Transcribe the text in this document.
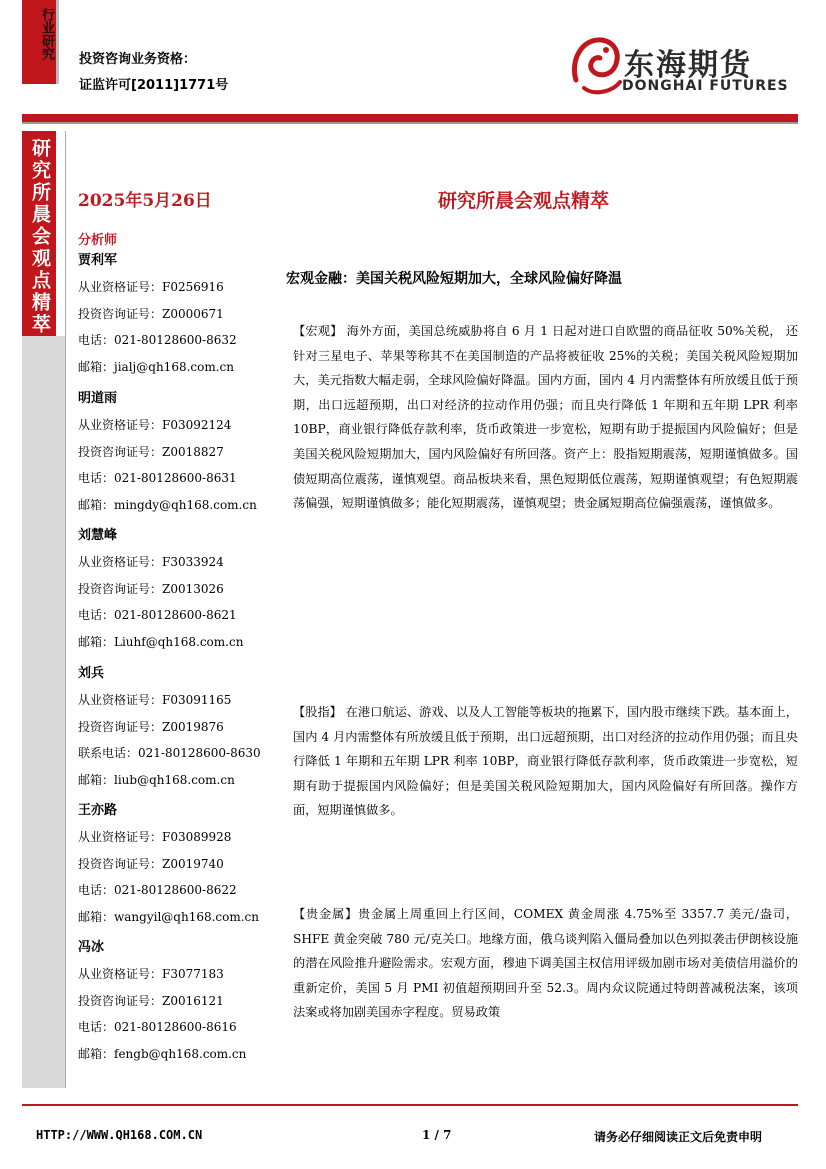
行业研究 投资咨询业务资格：
证监许可[2011]1771号
东海期货
DONGHAI FUTURES
研究所晨会观点精萃 2025年5月26日
分析师
贾利军
从业资格证号：F0256916
投资咨询证号：Z0000671
电话：021-80128600-8632
邮箱：jialj@qh168.com.cn
明道雨
从业资格证号：F03092124
投资咨询证号：Z0018827
电话：021-80128600-8631
邮箱：mingdy@qh168.com.cn
刘慧峰
从业资格证号：F3033924
投资咨询证号：Z0013026
电话：021-80128600-8621
邮箱：Liuhf@qh168.com.cn
刘兵
从业资格证号：F03091165
投资咨询证号：Z0019876
联系电话：021-80128600-8630
邮箱：liub@qh168.com.cn
王亦路
从业资格证号：F03089928
投资咨询证号：Z0019740
电话：021-80128600-8622
邮箱：wangyil@qh168.com.cn
冯冰
从业资格证号：F3077183
投资咨询证号：Z0016121
电话：021-80128600-8616
邮箱：fengb@qh168.com.cn
研究所晨会观点精萃
宏观金融：美国关税风险短期加大，全球风险偏好降温
【宏观】 海外方面，美国总统威胁将自 6 月 1 日起对进口自欧盟的商品征收 50%关税， 还针对三星电子、苹果等称其不在美国制造的产品将被征收 25%的关税；美国关税风险短期加大，美元指数大幅走弱，全球风险偏好降温。国内方面，国内 4 月内需整体有所放缓且低于预期，出口远超预期，出口对经济的拉动作用仍强；而且央行降低 1 年期和五年期 LPR 利率 10BP，商业银行降低存款利率，货币政策进一步宽松，短期有助于提振国内风险偏好；但是美国关税风险短期加大，国内风险偏好有所回落。资产上：股指短期震荡，短期谨慎做多。国债短期高位震荡，谨慎观望。商品板块来看，黑色短期低位震荡，短期谨慎观望；有色短期震荡偏强，短期谨慎做多；能化短期震荡，谨慎观望；贵金属短期高位偏强震荡，谨慎做多。
【股指】 在港口航运、游戏、以及人工智能等板块的拖累下，国内股市继续下跌。基本面上，国内 4 月内需整体有所放缓且低于预期，出口远超预期，出口对经济的拉动作用仍强；而且央行降低 1 年期和五年期 LPR 利率 10BP，商业银行降低存款利率，货币政策进一步宽松，短期有助于提振国内风险偏好；但是美国关税风险短期加大，国内风险偏好有所回落。操作方面，短期谨慎做多。
【贵金属】贵金属上周重回上行区间，COMEX 黄金周涨 4.75%至 3357.7 美元/盎司，SHFE 黄金突破 780 元/克关口。地缘方面，俄乌谈判陷入僵局叠加以色列拟袭击伊朗核设施的潜在风险推升避险需求。宏观方面，穆迪下调美国主权信用评级加剧市场对美债信用溢价的重新定价，美国 5 月 PMI 初值超预期回升至 52.3。周内众议院通过特朗普减税法案，该项法案或将加剧美国赤字程度。贸易政策
HTTP://WWW.QH168.COM.CN	1 / 7	请务必仔细阅读正文后免责申明
